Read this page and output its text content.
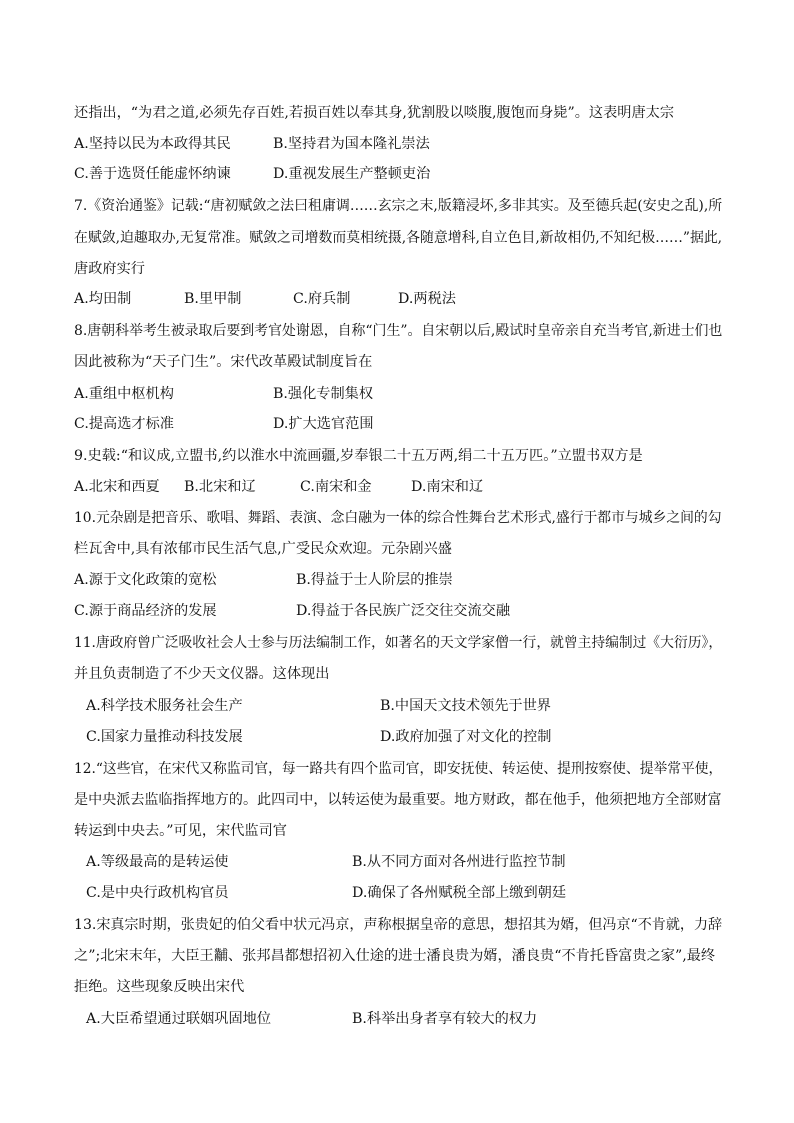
还指出，“为君之道,必须先存百姓,若损百姓以奉其身,犹割股以啖腹,腹饱而身毙”。这表明唐太宗
A.坚持以民为本政得其民	B.坚持君为国本隆礼崇法
C.善于选贤任能虚怀纳谏	D.重视发展生产整顿吏治
7.《资治通鉴》记载:“唐初赋敛之法曰租庸调……玄宗之末,版籍浸坏,多非其实。及至德兵起(安史之乱),所
在赋敛,迫趣取办,无复常准。赋敛之司增数而莫相统摄,各随意增科,自立色目,新故相仍,不知纪极……”据此,
唐政府实行
A.均田制	B.里甲制	C.府兵制	D.两税法
8.唐朝科举考生被录取后要到考官处谢恩，自称“门生”。自宋朝以后,殿试时皇帝亲自充当考官,新进士们也
因此被称为“天子门生”。宋代改革殿试制度旨在
A.重组中枢机构	B.强化专制集权
C.提高选才标准	D.扩大选官范围
9.史载:“和议成,立盟书,约以淮水中流画疆,岁奉银二十五万两,绢二十五万匹。”立盟书双方是
A.北宋和西夏 B.北宋和辽	C.南宋和金	D.南宋和辽
10.元杂剧是把音乐、歌唱、舞蹈、表演、念白融为一体的综合性舞台艺术形式,盛行于都市与城乡之间的勾
栏瓦舍中,具有浓郁市民生活气息,广受民众欢迎。元杂剧兴盛
A.源于文化政策的宽松	B.得益于士人阶层的推崇
C.源于商品经济的发展	D.得益于各民族广泛交往交流交融
11.唐政府曾广泛吸收社会人士参与历法编制工作，如著名的天文学家僧一行，就曾主持编制过《大衍历》，
并且负责制造了不少天文仪器。这体现出
A.科学技术服务社会生产	B.中国天文技术领先于世界
C.国家力量推动科技发展	D.政府加强了对文化的控制
12.“这些官，在宋代又称监司官，每一路共有四个监司官，即安抚使、转运使、提刑按察使、提举常平使，
是中央派去监临指挥地方的。此四司中，以转运使为最重要。地方财政，都在他手，他须把地方全部财富
转运到中央去。”可见，宋代监司官
A.等级最高的是转运使	B.从不同方面对各州进行监控节制
C.是中央行政机构官员	D.确保了各州赋税全部上缴到朝廷
13.宋真宗时期，张贵妃的伯父看中状元冯京，声称根据皇帝的意思，想招其为婿，但冯京“不肯就，力辞
之”;北宋末年，大臣王黼、张邦昌都想招初入仕途的进士潘良贵为婿，潘良贵“不肯托昏富贵之家”,最终
拒绝。这些现象反映出宋代
A.大臣希望通过联姻巩固地位	B.科举出身者享有较大的权力
